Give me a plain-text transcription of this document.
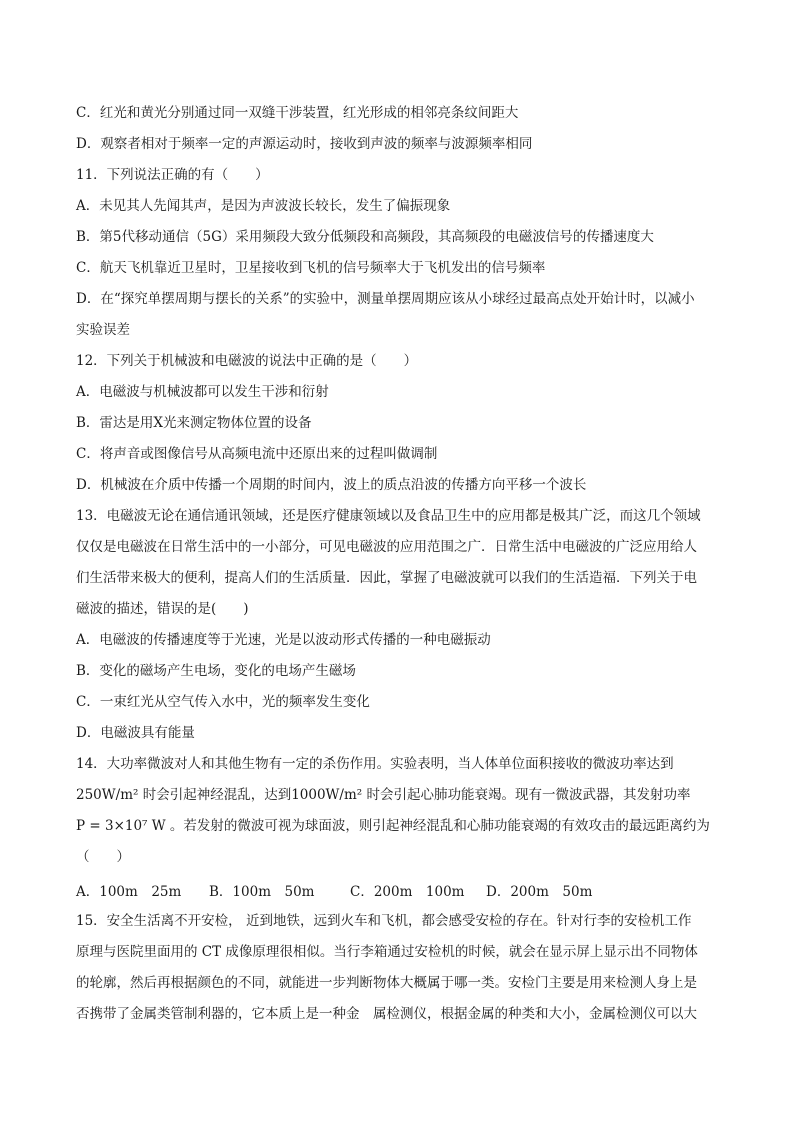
C．红光和黄光分别通过同一双缝干涉装置，红光形成的相邻亮条纹间距大
D．观察者相对于频率一定的声源运动时，接收到声波的频率与波源频率相同
11．下列说法正确的有（　　）
A．未见其人先闻其声，是因为声波波长较长，发生了偏振现象
B．第5代移动通信（5G）采用频段大致分低频段和高频段，其高频段的电磁波信号的传播速度大
C．航天飞机靠近卫星时，卫星接收到飞机的信号频率大于飞机发出的信号频率
D．在“探究单摆周期与摆长的关系”的实验中，测量单摆周期应该从小球经过最高点处开始计时，以减小
实验误差
12．下列关于机械波和电磁波的说法中正确的是（　　）
A．电磁波与机械波都可以发生干涉和衍射
B．雷达是用X光来测定物体位置的设备
C．将声音或图像信号从高频电流中还原出来的过程叫做调制
D．机械波在介质中传播一个周期的时间内，波上的质点沿波的传播方向平移一个波长
13．电磁波无论在通信通讯领域，还是医疗健康领域以及食品卫生中的应用都是极其广泛，而这几个领域
仅仅是电磁波在日常生活中的一小部分，可见电磁波的应用范围之广．日常生活中电磁波的广泛应用给人
们生活带来极大的便利，提高人们的生活质量．因此，掌握了电磁波就可以我们的生活造福．下列关于电
磁波的描述，错误的是(　　)
A．电磁波的传播速度等于光速，光是以波动形式传播的一种电磁振动
B．变化的磁场产生电场，变化的电场产生磁场
C．一束红光从空气传入水中，光的频率发生变化
D．电磁波具有能量
14．大功率微波对人和其他生物有一定的杀伤作用。实验表明，当人体单位面积接收的微波功率达到
250W/m² 时会引起神经混乱，达到1000W/m² 时会引起心肺功能衰竭。现有一微波武器，其发射功率
P = 3×10⁷ W 。若发射的微波可视为球面波，则引起神经混乱和心肺功能衰竭的有效攻击的最远距离约为
（　　）
A．100m　25m B．100m　50m	C．200m　100m D．200m　50m
15．安全生活离不开安检， 近到地铁，远到火车和飞机，都会感受安检的存在。针对行李的安检机工作
原理与医院里面用的 CT 成像原理很相似。当行李箱通过安检机的时候，就会在显示屏上显示出不同物体
的轮廓，然后再根据颜色的不同，就能进一步判断物体大概属于哪一类。安检门主要是用来检测人身上是
否携带了金属类管制利器的，它本质上是一种金　属检测仪，根据金属的种类和大小，金属检测仪可以大
